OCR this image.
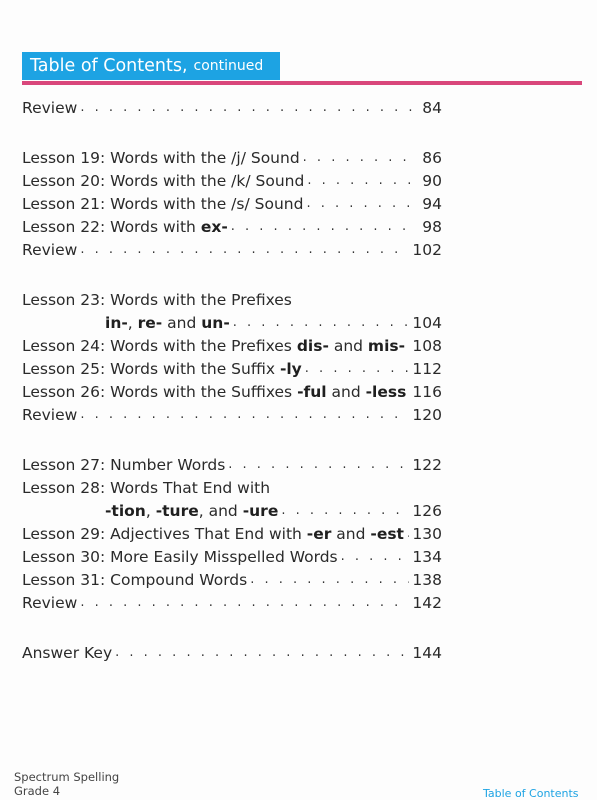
Table of Contents, continued
Review . . .	84
Lesson 19: Words with the /j/ Sound . . .	86
Lesson 20: Words with the /k/ Sound . . .	90
Lesson 21: Words with the /s/ Sound . . .	94
Lesson 22: Words with ex- . . .	98
Review . . .	102
Lesson 23: Words with the Prefixes
in-, re- and un- . . .	104
Lesson 24: Words with the Prefixes dis- and mis- . . . 108
Lesson 25: Words with the Suffix -ly . . .	112
Lesson 26: Words with the Suffixes -ful and -less . . . 116
Review . . .	120
Lesson 27: Number Words . . .	122
Lesson 28: Words That End with
-tion, -ture, and -ure . . .	126
Lesson 29: Adjectives That End with -er and -est . . . 130
Lesson 30: More Easily Misspelled Words . . .	134
Lesson 31: Compound Words . . .	138
Review . . .	142
Answer Key . . .	144
Spectrum Spelling
Grade 4	Table of Contents
